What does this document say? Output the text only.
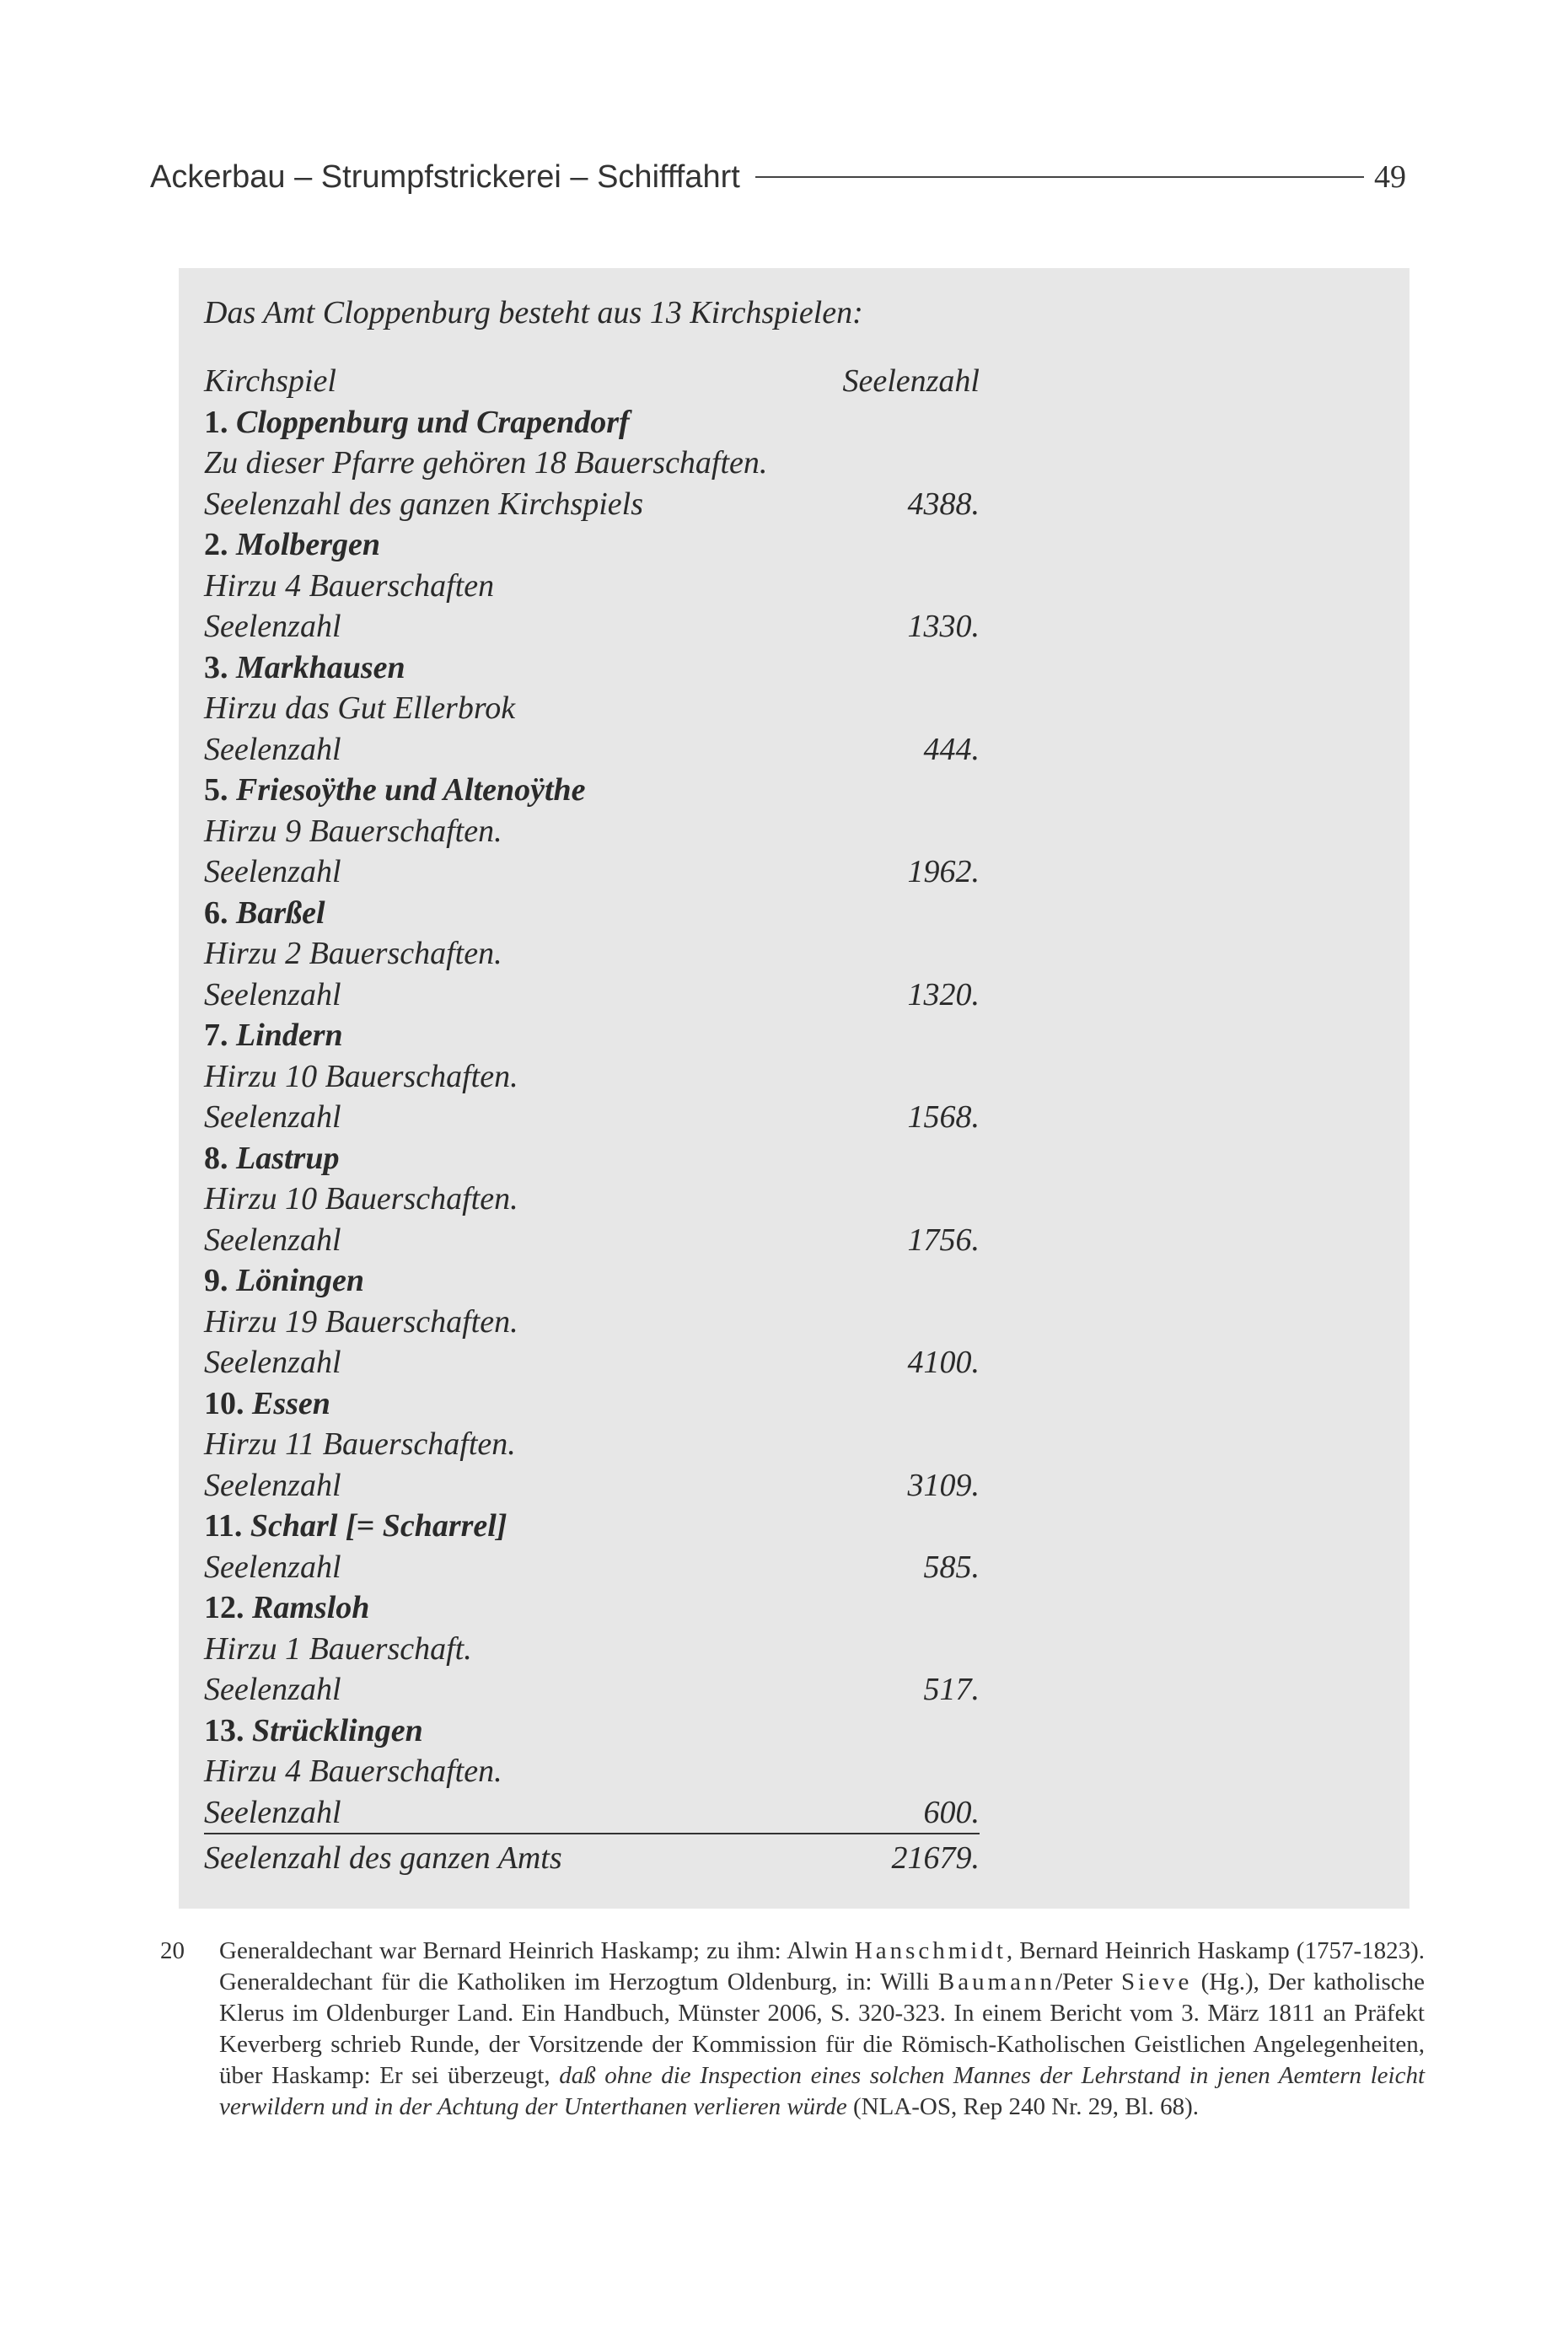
Ackerbau – Strumpfstrickerei – Schifffahrt	49
Das Amt Cloppenburg besteht aus 13 Kirchspielen:
Kirchspiel	Seelenzahl
1. Cloppenburg und Crapendorf
Zu dieser Pfarre gehören 18 Bauerschaften.
Seelenzahl des ganzen Kirchspiels	4388.
2. Molbergen
Hirzu 4 Bauerschaften
Seelenzahl	1330.
3. Markhausen
Hirzu das Gut Ellerbrok
Seelenzahl	444.
5. Friesoÿthe und Altenoÿthe
Hirzu 9 Bauerschaften.
Seelenzahl	1962.
6. Barßel
Hirzu 2 Bauerschaften.
Seelenzahl	1320.
7. Lindern
Hirzu 10 Bauerschaften.
Seelenzahl	1568.
8. Lastrup
Hirzu 10 Bauerschaften.
Seelenzahl	1756.
9. Löningen
Hirzu 19 Bauerschaften.
Seelenzahl	4100.
10. Essen
Hirzu 11 Bauerschaften.
Seelenzahl	3109.
11. Scharl [= Scharrel]
Seelenzahl	585.
12. Ramsloh
Hirzu 1 Bauerschaft.
Seelenzahl	517.
13. Strücklingen
Hirzu 4 Bauerschaften.
Seelenzahl	600.
Seelenzahl des ganzen Amts	21679.
20	Generaldechant war Bernard Heinrich Haskamp; zu ihm: Alwin Hanschmidt, Bernard Heinrich Haskamp (1757-1823). Generaldechant für die Katholiken im Herzogtum Oldenburg, in: Willi Baumann/Peter Sieve (Hg.), Der katholische Klerus im Oldenburger Land. Ein Handbuch, Münster 2006, S. 320-323. In einem Bericht vom 3. März 1811 an Präfekt Keverberg schrieb Runde, der Vorsitzende der Kommission für die Römisch-Katholischen Geistlichen Angelegenheiten, über Haskamp: Er sei überzeugt, daß ohne die Inspection eines solchen Mannes der Lehrstand in jenen Aemtern leicht verwildern und in der Achtung der Unterthanen verlieren würde (NLA-OS, Rep 240 Nr. 29, Bl. 68).
